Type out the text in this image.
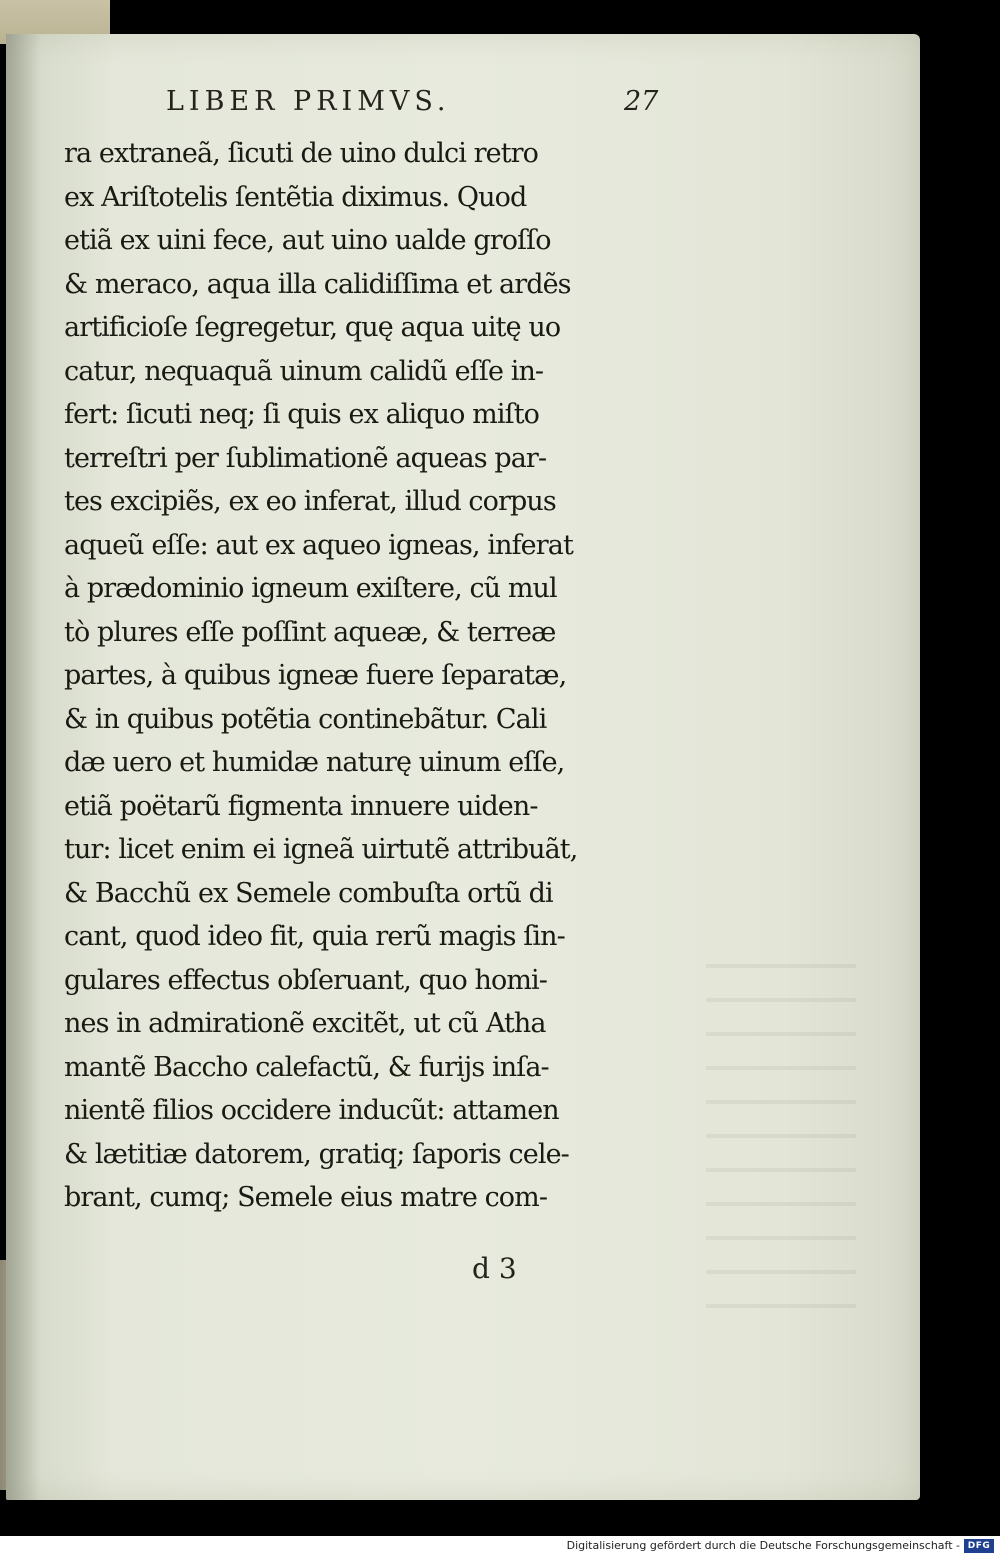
LIBER PRIMVS.	27
ra extraneã, ſicuti de uino dulci retro
ex Ariſtotelis ſentẽtia diximus. Quod
etiã ex uini fece, aut uino ualde groſſo
& meraco, aqua illa calidiſſima et ardẽs
artificioſe ſegregetur, quę aqua uitę uo
catur, nequaquã uinum calidũ eſſe in-
fert: ſicuti neq; ſi quis ex aliquo miſto
terreſtri per ſublimationẽ aqueas par-
tes excipiẽs, ex eo inferat, illud corpus
aqueũ eſſe: aut ex aqueo igneas, inferat
à prædominio igneum exiſtere, cũ mul
tò plures eſſe poſſint aqueæ, & terreæ
partes, à quibus igneæ fuere ſeparatæ,
& in quibus potẽtia continebãtur. Cali
dæ uero et humidæ naturę uinum eſſe,
etiã poëtarũ figmenta innuere uiden-
tur: licet enim ei igneã uirtutẽ attribuãt,
& Bacchũ ex Semele combuſta ortũ di
cant, quod ideo fit, quia rerũ magis ſin-
gulares effectus obſeruant, quo homi-
nes in admirationẽ excitẽt, ut cũ Atha
mantẽ Baccho calefactũ, & furijs inſa-
nientẽ filios occidere inducũt: attamen
& lætitiæ datorem, gratiq; ſaporis cele-
brant, cumq; Semele eius matre com-
d 3
Digitalisierung gefördert durch die Deutsche Forschungsgemeinschaft - DFG
